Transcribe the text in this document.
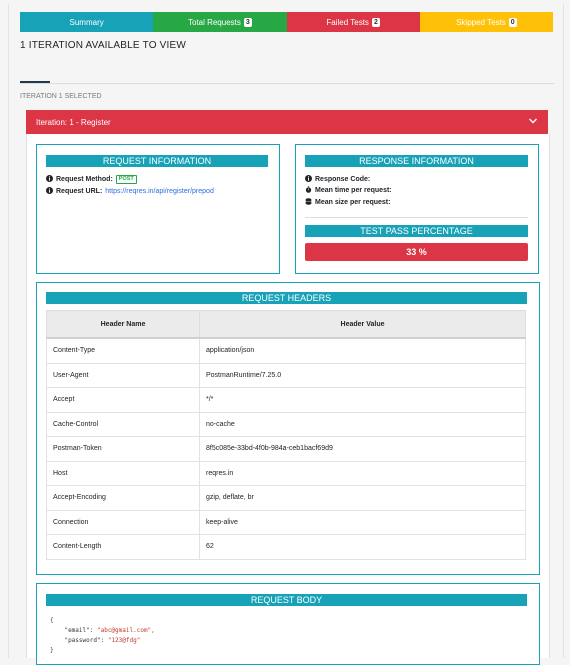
Summary	Total Requests 3	Failed Tests 2	Skipped Tests 0
1 ITERATION AVAILABLE TO VIEW
ITERATION 1 SELECTED
Iteration: 1 - Register
REQUEST INFORMATION
Request Method:	POST
Request URL: https://reqres.in/api/register/prepod
RESPONSE INFORMATION
Response Code:
Mean time per request:
Mean size per request:
TEST PASS PERCENTAGE
33 %
REQUEST HEADERS
Header Name	Header Value
Content-Type	application/json
User-Agent	PostmanRuntime/7.25.0
Accept	*/*
Cache-Control	no-cache
Postman-Token	8f5c085e-33bd-4f0b-984a-ceb1bacf69d9
Host	reqres.in
Accept-Encoding	gzip, deflate, br
Connection	keep-alive
Content-Length	62
REQUEST BODY
{
"email": "abc@gmail.com",
"password": "123@fdg"
}
